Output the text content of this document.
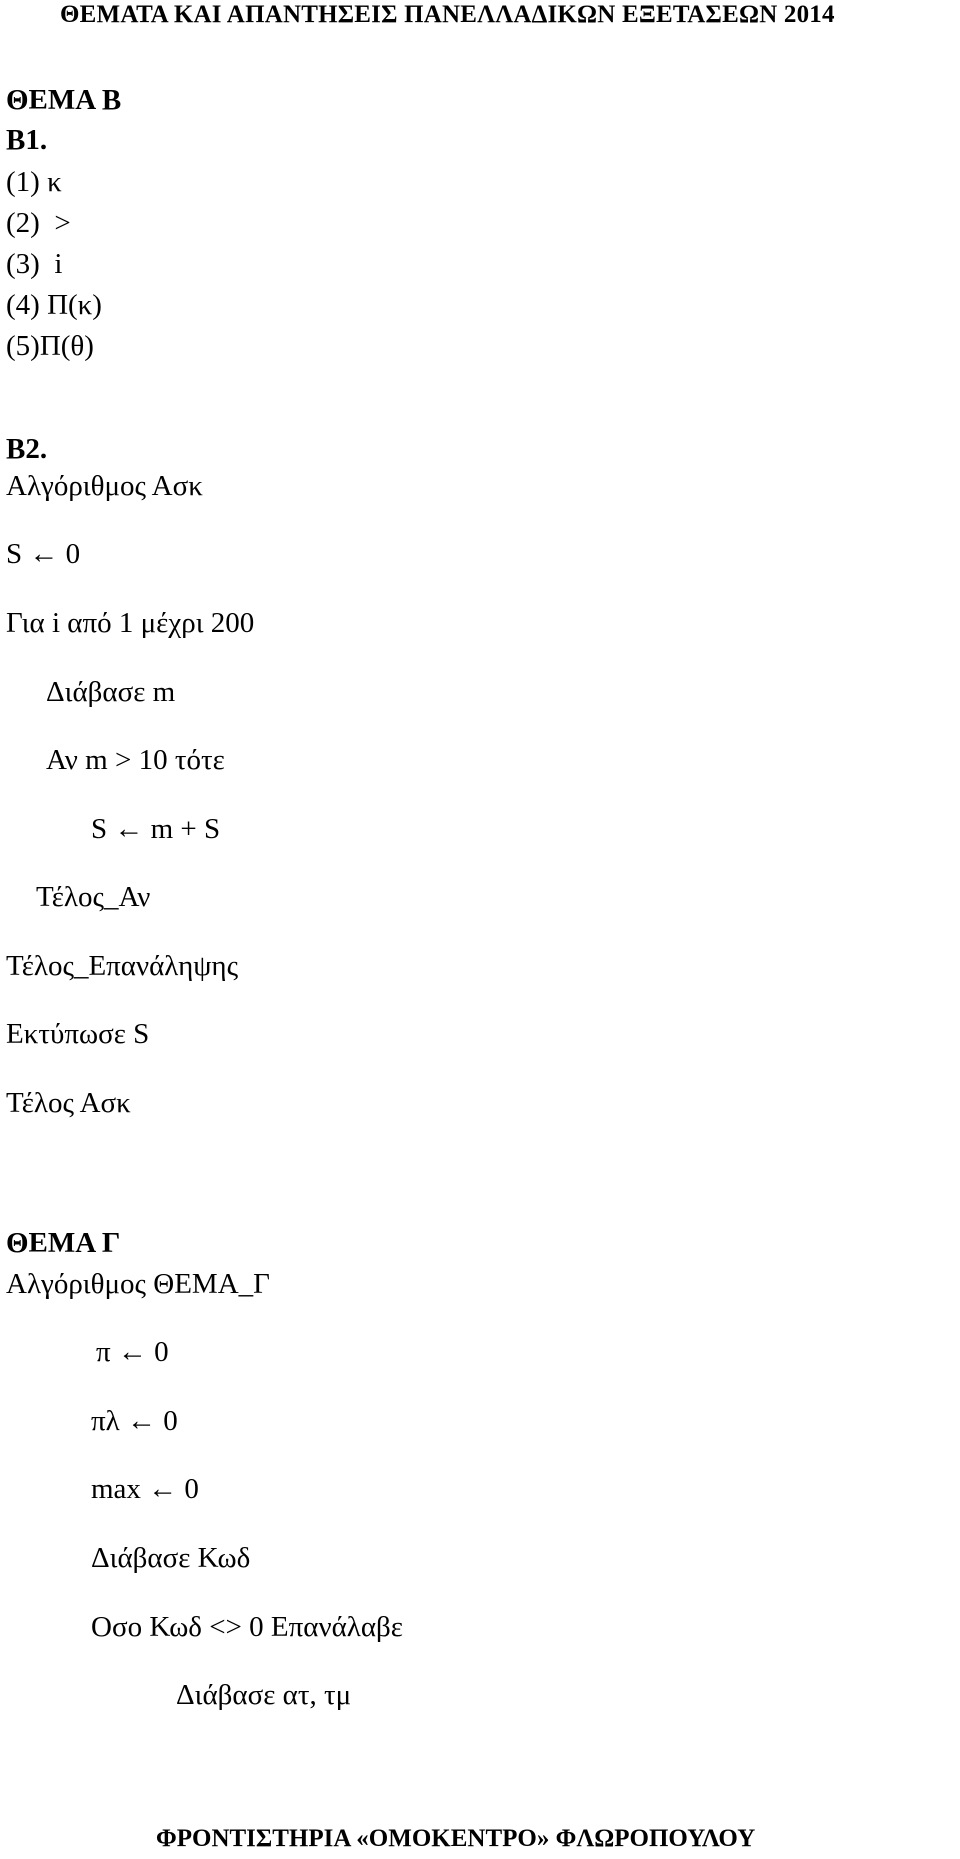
ΘΕΜΑΤΑ ΚΑΙ ΑΠΑΝΤΗΣΕΙΣ ΠΑΝΕΛΛΑΔΙΚΩΝ ΕΞΕΤΑΣΕΩΝ 2014
ΘΕΜΑ Β
Β1.
(1) κ
(2)  >
(3)  i
(4) Π(κ)
(5)Π(θ)
Β2.
Αλγόριθμος Ασκ
S ← 0
Για i από 1 μέχρι 200
Διάβασε m
Αν m > 10 τότε
S ← m + S
Τέλος_Αν
Τέλος_Επανάληψης
Εκτύπωσε S
Τέλος Ασκ
ΘΕΜΑ Γ
Αλγόριθμος ΘΕΜΑ_Γ
π ← 0
πλ ← 0
max ← 0
Διάβασε Κωδ
Οσο Κωδ <> 0 Επανάλαβε
Διάβασε ατ, τμ
ΦΡΟΝΤΙΣΤΗΡΙΑ «ΟΜΟΚΕΝΤΡΟ» ΦΛΩΡΟΠΟΥΛΟΥ
